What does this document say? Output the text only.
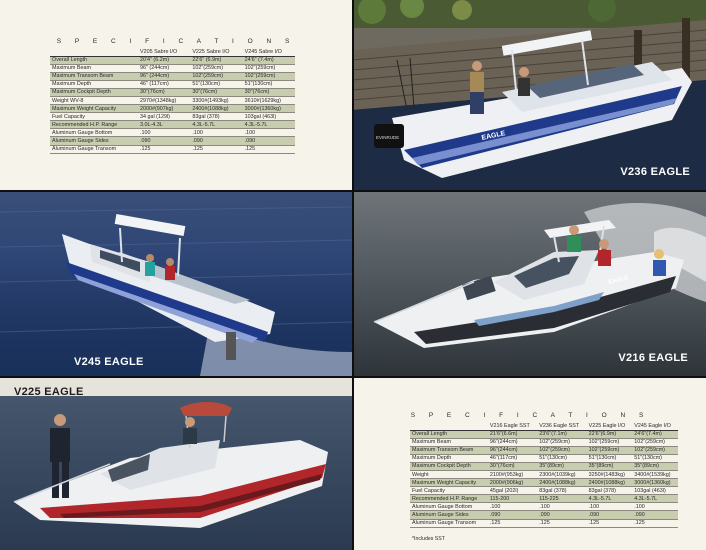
S P E C I F I C A T I O N S
	V205 Sabre I/O	V225 Sabre I/O	V245 Sabre I/O
Overall Length	20'4" (6.2m)	22'6" (6.9m)	24'6" (7.4m)
Maximum Beam	96" (244cm)	102"(259cm)	102"(259cm)
Maximum Transom Beam	96" (244cm)	102"(259cm)	102"(259cm)
Maximum Depth	46" (117cm)	51"(130cm)	51"(130cm)
Maximum Cockpit Depth	30"(76cm)	30"(76cm)	30"(76cm)
Weight WV-8	2970#(1348kg)	3300#(1493kg)	3610#(1629kg)
Maximum Weight Capacity	2000#(907kg)	2400#(1088kg)	3000#(1360kg)
Fuel Capacity	34 gal (129l)	83gal (378)	103gal (463l)
Recommended H.P. Range	3.0L-4.3L	4.3L-5.7L	4.3L-5.7L
Aluminum Gauge Bottom	.100	.100	.100
Aluminum Gauge Sides	.090	.090	.090
Aluminum Gauge Transom	.125	.125	.125
EVINRUDE	EAGLE
V236 EAGLE
V245 EAGLE
EAGLE
V216 EAGLE
V225 EAGLE
S P E C I F I C A T I O N S
	V216 Eagle SST	V236 Eagle SST	V225 Eagle I/O	V245 Eagle I/O
Overall Length	21'6"(6.6m)	23'6"(7.1m)	22'6"(6.9m)	24'6"(7.4m)
Maximum Beam	96"(244cm)	102"(259cm)	102"(259cm)	102"(259cm)
Maximum Transom Beam	96"(244cm)	102"(259cm)	102"(259cm)	102"(259cm)
Maximum Depth	46"(117cm)	51"(130cm)	51"(130cm)	51"(130cm)
Maximum Cockpit Depth	30"(76cm)	35"(89cm)	35"(89cm)	35"(89cm)
Weight	2100#(953kg)	2300#(1039kg)	3250#(1483kg)	3400#(1539kg)
Maximum Weight Capacity	2000#(906kg)	2400#(1088kg)	2400#(1088kg)	3000#(1360kg)
Fuel Capacity	45gal (202l)	83gal (378)	83gal (378)	103gal (463l)
Recommended H.P. Range	115-200	115-225	4.3L-5.7L	4.3L-5.7L
Aluminum Gauge Bottom	.100	.100	.100	.100
Aluminum Gauge Sides	.090	.090	.090	.090
Aluminum Gauge Transom	.125	.125	.125	.125
*Includes SST
